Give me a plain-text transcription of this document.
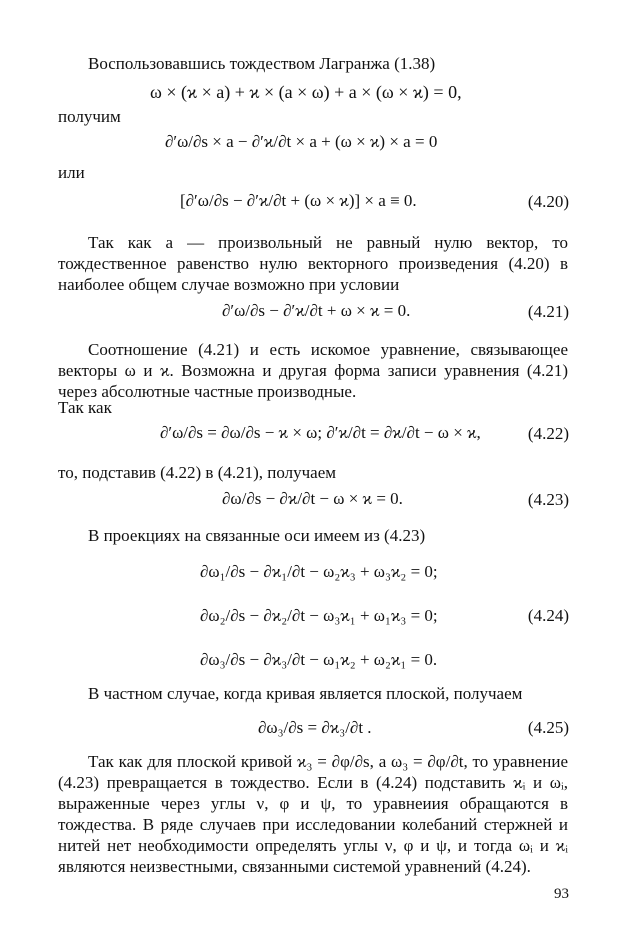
Воспользовавшись тождеством Лагранжа (1.38)
ω × (ϰ × a) + ϰ × (a × ω) + a × (ω × ϰ) = 0,
получим
∂′ω/∂s × a − ∂′ϰ/∂t × a + (ω × ϰ) × a = 0
или
[∂′ω/∂s − ∂′ϰ/∂t + (ω × ϰ)] × a ≡ 0.	(4.20)
Так как a — произвольный не равный нулю вектор, то тождественное равенство нулю векторного произведения (4.20) в наиболее общем случае возможно при условии
∂′ω/∂s − ∂′ϰ/∂t + ω × ϰ = 0.	(4.21)
Соотношение (4.21) и есть искомое уравнение, связывающее векторы ω и ϰ. Возможна и другая форма записи уравнения (4.21) через абсолютные частные производные.
Так как
∂′ω/∂s = ∂ω/∂s − ϰ × ω; ∂′ϰ/∂t = ∂ϰ/∂t − ω × ϰ,	(4.22)
то, подставив (4.22) в (4.21), получаем
∂ω/∂s − ∂ϰ/∂t − ω × ϰ = 0.	(4.23)
В проекциях на связанные оси имеем из (4.23)
∂ω₁/∂s − ∂ϰ₁/∂t − ω₂ϰ₃ + ω₃ϰ₂ = 0;
∂ω₂/∂s − ∂ϰ₂/∂t − ω₃ϰ₁ + ω₁ϰ₃ = 0;	(4.24)
∂ω₃/∂s − ∂ϰ₃/∂t − ω₁ϰ₂ + ω₂ϰ₁ = 0.
В частном случае, когда кривая является плоской, получаем
∂ω₃/∂s = ∂ϰ₃/∂t .	(4.25)
Так как для плоской кривой ϰ₃ = ∂φ/∂s, а ω₃ = ∂φ/∂t, то уравнение (4.23) превращается в тождество. Если в (4.24) подставить ϰᵢ и ωᵢ, выраженные через углы ν, φ и ψ, то уравнеиия обращаются в тождества. В ряде случаев при исследовании колебаний стержней и нитей нет необходимости определять углы ν, φ и ψ, и тогда ωᵢ и ϰᵢ являются неизвестными, связанными системой уравнений (4.24).
93
